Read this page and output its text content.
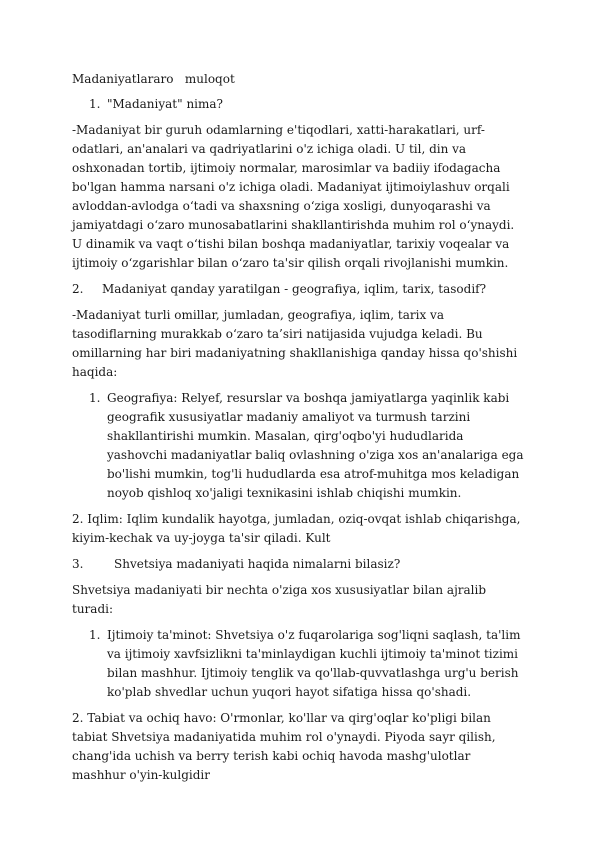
Madaniyatlararo   muloqot

1. "Madaniyat" nima?

-Madaniyat bir guruh odamlarning e'tiqodlari, xatti-harakatlari, urf-odatlari, an'analari va qadriyatlarini o'z ichiga oladi. U til, din va oshxonadan tortib, ijtimoiy normalar, marosimlar va badiiy ifodagacha bo'lgan hamma narsani o'z ichiga oladi. Madaniyat ijtimoiylashuv orqali avloddan-avlodga o‘tadi va shaxsning o‘ziga xosligi, dunyoqarashi va jamiyatdagi o‘zaro munosabatlarini shakllantirishda muhim rol o‘ynaydi. U dinamik va vaqt o‘tishi bilan boshqa madaniyatlar, tarixiy voqealar va ijtimoiy o‘zgarishlar bilan o‘zaro ta'sir qilish orqali rivojlanishi mumkin.

2. Madaniyat qanday yaratilgan - geografiya, iqlim, tarix, tasodif?

-Madaniyat turli omillar, jumladan, geografiya, iqlim, tarix va tasodiflarning murakkab o‘zaro ta’siri natijasida vujudga keladi. Bu omillarning har biri madaniyatning shakllanishiga qanday hissa qo'shishi haqida:

1. Geografiya: Relyef, resurslar va boshqa jamiyatlarga yaqinlik kabi geografik xususiyatlar madaniy amaliyot va turmush tarzini shakllantirishi mumkin. Masalan, qirg'oqbo'yi hududlarida yashovchi madaniyatlar baliq ovlashning o'ziga xos an'analariga ega bo'lishi mumkin, tog'li hududlarda esa atrof-muhitga mos keladigan noyob qishloq xo'jaligi texnikasini ishlab chiqishi mumkin.

2. Iqlim: Iqlim kundalik hayotga, jumladan, oziq-ovqat ishlab chiqarishga, kiyim-kechak va uy-joyga ta'sir qiladi. Kult

3.	Shvetsiya madaniyati haqida nimalarni bilasiz?

Shvetsiya madaniyati bir nechta o'ziga xos xususiyatlar bilan ajralib turadi:

1. Ijtimoiy ta'minot: Shvetsiya o'z fuqarolariga sog'liqni saqlash, ta'lim va ijtimoiy xavfsizlikni ta'minlaydigan kuchli ijtimoiy ta'minot tizimi bilan mashhur. Ijtimoiy tenglik va qo'llab-quvvatlashga urg'u berish ko'plab shvedlar uchun yuqori hayot sifatiga hissa qo'shadi.

2. Tabiat va ochiq havo: O'rmonlar, ko'llar va qirg'oqlar ko'pligi bilan tabiat Shvetsiya madaniyatida muhim rol o'ynaydi. Piyoda sayr qilish, chang'ida uchish va berry terish kabi ochiq havoda mashg'ulotlar mashhur o'yin-kulgidir
